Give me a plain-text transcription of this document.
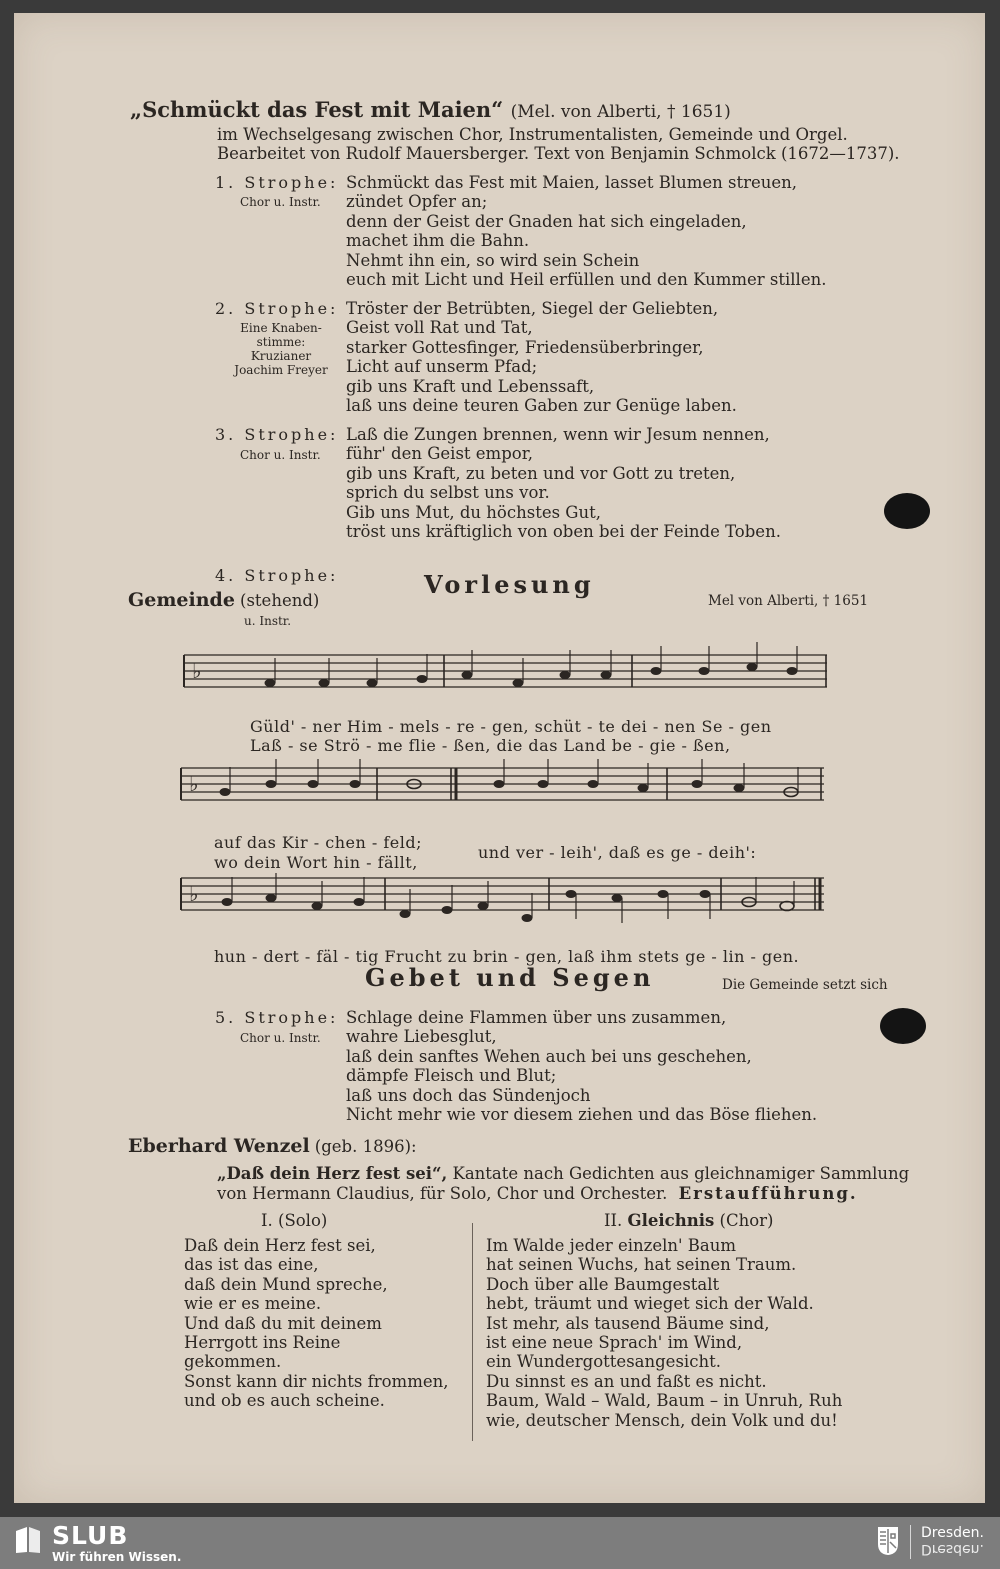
„Schmückt das Fest mit Maien“ (Mel. von Alberti, † 1651)
im Wechselgesang zwischen Chor, Instrumentalisten, Gemeinde und Orgel.
Bearbeitet von Rudolf Mauersberger. Text von Benjamin Schmolck (1672—1737).
1. Strophe:
Chor u. Instr.
Schmückt das Fest mit Maien, lasset Blumen streuen,
zündet Opfer an;
denn der Geist der Gnaden hat sich eingeladen,
machet ihm die Bahn.
Nehmt ihn ein, so wird sein Schein
euch mit Licht und Heil erfüllen und den Kummer stillen.
2. Strophe:
Eine Knaben-
stimme:
Kruzianer
Joachim Freyer
Tröster der Betrübten, Siegel der Geliebten,
Geist voll Rat und Tat,
starker Gottesfinger, Friedensüberbringer,
Licht auf unserm Pfad;
gib uns Kraft und Lebenssaft,
laß uns deine teuren Gaben zur Genüge laben.
3. Strophe:
Chor u. Instr.
Laß die Zungen brennen, wenn wir Jesum nennen,
führ' den Geist empor,
gib uns Kraft, zu beten und vor Gott zu treten,
sprich du selbst uns vor.
Gib uns Mut, du höchstes Gut,
tröst uns kräftiglich von oben bei der Feinde Toben.
4. Strophe:	Vorlesung
Gemeinde (stehend)
u. Instr.
Mel von Alberti, † 1651
♭
Güld' - ner Him - mels - re - gen, schüt - te dei - nen Se - gen
Laß - se Strö - me flie - ßen, die das Land be - gie - ßen,
♭
auf das Kir - chen - feld;
wo dein Wort hin - fällt,
und ver - leih', daß es ge - deih':
♭
hun - dert - fäl - tig Frucht zu brin - gen, laß ihm stets ge - lin - gen.
Gebet und Segen	Die Gemeinde setzt sich
5. Strophe:
Chor u. Instr.
Schlage deine Flammen über uns zusammen,
wahre Liebesglut,
laß dein sanftes Wehen auch bei uns geschehen,
dämpfe Fleisch und Blut;
laß uns doch das Sündenjoch
Nicht mehr wie vor diesem ziehen und das Böse fliehen.
Eberhard Wenzel (geb. 1896):
„Daß dein Herz fest sei“, Kantate nach Gedichten aus gleichnamiger Sammlung
von Hermann Claudius, für Solo, Chor und Orchester. Erstaufführung.
I. (Solo)	II. Gleichnis (Chor)
Daß dein Herz fest sei,
das ist das eine,
daß dein Mund spreche,
wie er es meine.
Und daß du mit deinem
Herrgott ins Reine
gekommen.
Sonst kann dir nichts frommen,
und ob es auch scheine.
Im Walde jeder einzeln' Baum
hat seinen Wuchs, hat seinen Traum.
Doch über alle Baumgestalt
hebt, träumt und wieget sich der Wald.
Ist mehr, als tausend Bäume sind,
ist eine neue Sprach' im Wind,
ein Wundergottesangesicht.
Du sinnst es an und faßt es nicht.
Baum, Wald – Wald, Baum – in Unruh, Ruh
wie, deutscher Mensch, dein Volk und du!
SLUB
Wir führen Wissen.
Dresden.
Dresden.
